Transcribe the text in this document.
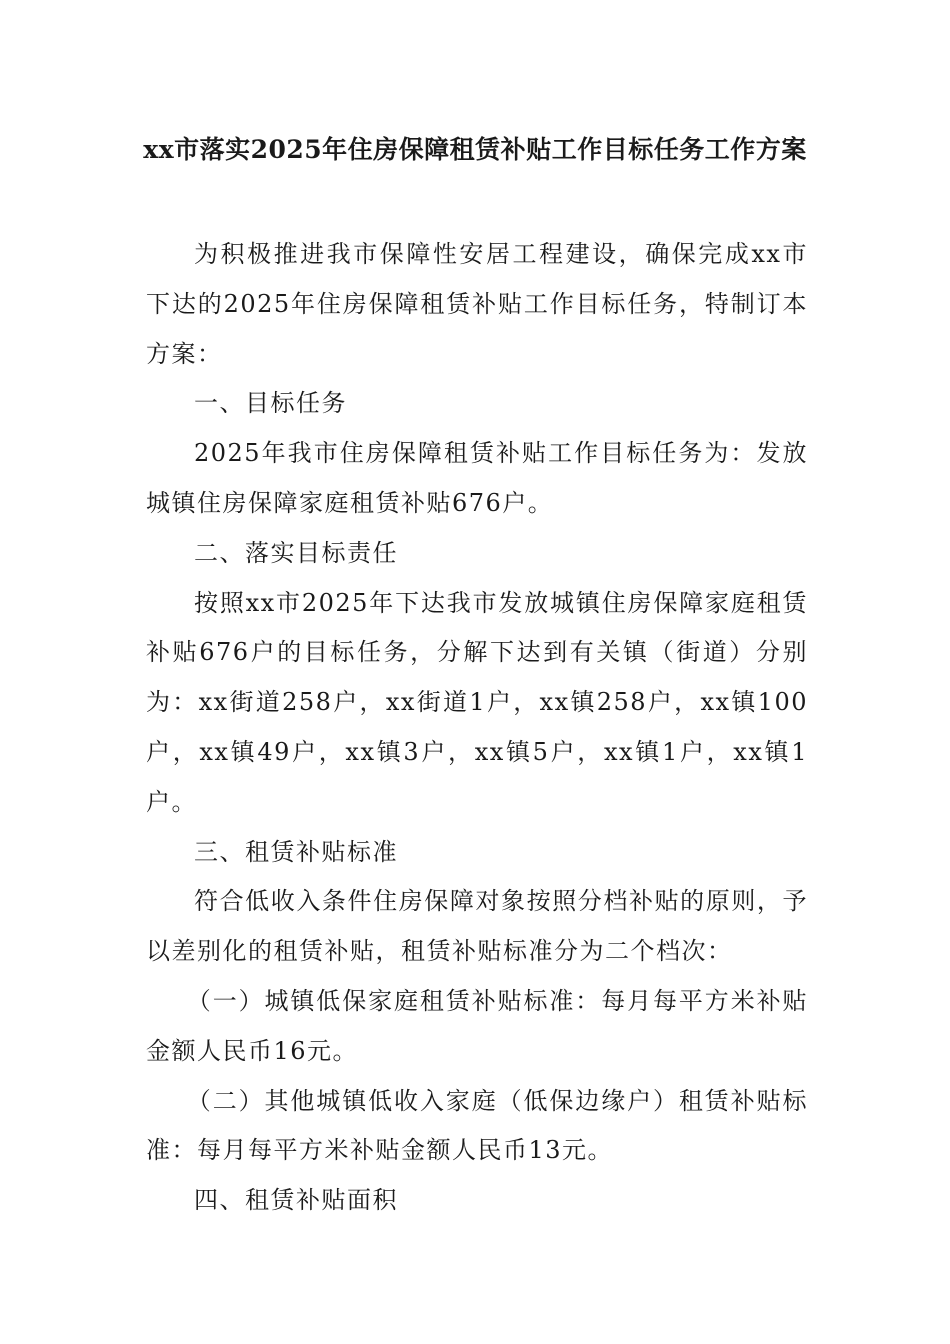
xx市落实2025年住房保障租赁补贴工作目标任务工作方案

为积极推进我市保障性安居工程建设，确保完成xx市下达的2025年住房保障租赁补贴工作目标任务，特制订本方案：

一、目标任务

2025年我市住房保障租赁补贴工作目标任务为：发放城镇住房保障家庭租赁补贴676户。

二、落实目标责任

按照xx市2025年下达我市发放城镇住房保障家庭租赁补贴676户的目标任务，分解下达到有关镇（街道）分别为：xx街道258户，xx街道1户，xx镇258户，xx镇100户，xx镇49户，xx镇3户，xx镇5户，xx镇1户，xx镇1户。

三、租赁补贴标准

符合低收入条件住房保障对象按照分档补贴的原则，予以差别化的租赁补贴，租赁补贴标准分为二个档次：

（一）城镇低保家庭租赁补贴标准：每月每平方米补贴金额人民币16元。

（二）其他城镇低收入家庭（低保边缘户）租赁补贴标准：每月每平方米补贴金额人民币13元。

四、租赁补贴面积
